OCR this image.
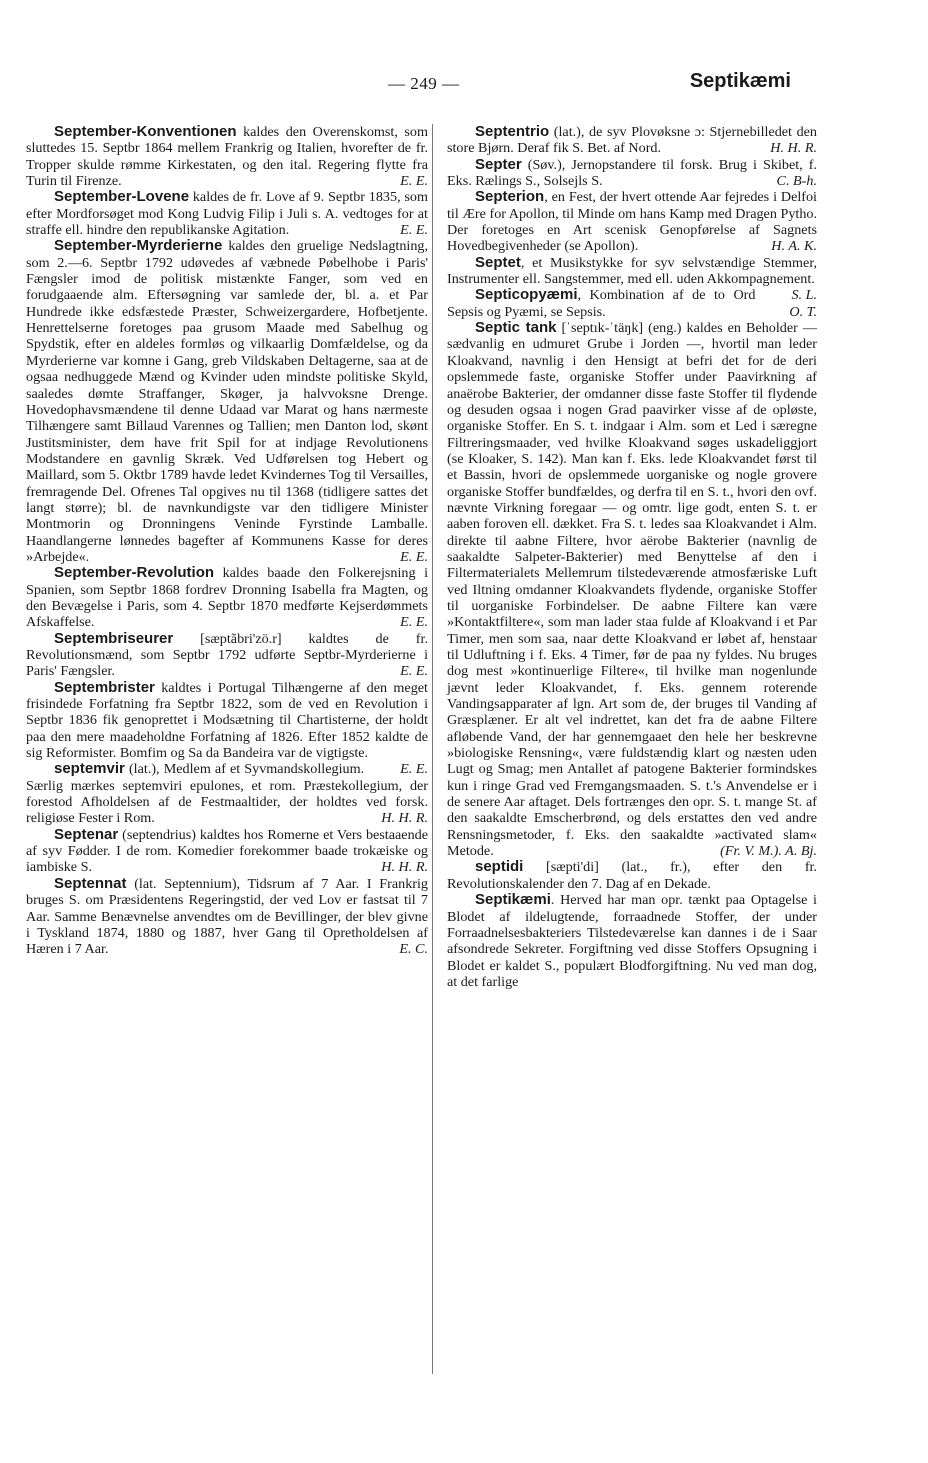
— 249 —	Septikæmi

September-Konventionen kaldes den Overenskomst, som sluttedes 15. Septbr 1864 mellem Frankrig og Italien, hvorefter de fr. Tropper skulde rømme Kirkestaten, og den ital. Regering flytte fra Turin til Firenze.	E. E.

September-Lovene kaldes de fr. Love af 9. Septbr 1835, som efter Mordforsøget mod Kong Ludvig Filip i Juli s. A. vedtoges for at straffe ell. hindre den republikanske Agitation.	E. E.

September-Myrderierne kaldes den gruelige Nedslagtning, som 2.—6. Septbr 1792 udøvedes af væbnede Pøbelhobe i Paris' Fængsler imod de politisk mistænkte Fanger, som ved en forudgaaende alm. Eftersøgning var samlede der, bl. a. et Par Hundrede ikke edsfæstede Præster, Schweizergardere, Hofbetjente. Henrettelserne foretoges paa grusom Maade med Sabelhug og Spydstik, efter en aldeles formløs og vilkaarlig Domfældelse, og da Myrderierne var komne i Gang, greb Vildskaben Deltagerne, saa at de ogsaa nedhuggede Mænd og Kvinder uden mindste politiske Skyld, saaledes dømte Straffanger, Skøger, ja halvvoksne Drenge. Hovedophavsmændene til denne Udaad var Marat og hans nærmeste Tilhængere samt Billaud Varennes og Tallien; men Danton lod, skønt Justitsminister, dem have frit Spil for at indjage Revolutionens Modstandere en gavnlig Skræk. Ved Udførelsen tog Hebert og Maillard, som 5. Oktbr 1789 havde ledet Kvindernes Tog til Versailles, fremragende Del. Ofrenes Tal opgives nu til 1368 (tidligere sattes det langt større); bl. de navnkundigste var den tidligere Minister Montmorin og Dronningens Veninde Fyrstinde Lamballe. Haandlangerne lønnedes bagefter af Kommunens Kasse for deres »Arbejde«.	E. E.

September-Revolution kaldes baade den Folkerejsning i Spanien, som Septbr 1868 fordrev Dronning Isabella fra Magten, og den Bevægelse i Paris, som 4. Septbr 1870 medførte Kejserdømmets Afskaffelse.	E. E.

Septembriseurer [sæptãbri'zö.r] kaldtes de fr. Revolutionsmænd, som Septbr 1792 udførte Septbr-Myrderierne i Paris' Fængsler.	E. E.

Septembrister kaldtes i Portugal Tilhængerne af den meget frisindede Forfatning fra Septbr 1822, som de ved en Revolution i Septbr 1836 fik genoprettet i Modsætning til Chartisterne, der holdt paa den mere maadeholdne Forfatning af 1826. Efter 1852 kaldte de sig Reformister. Bomfim og Sa da Bandeira var de vigtigste.
E. E.

septemvir (lat.), Medlem af et Syvmandskollegium. Særlig mærkes septemviri epulones, et rom. Præstekollegium, der forestod Afholdelsen af de Festmaaltider, der holdtes ved forsk. religiøse Fester i Rom.	H. H. R.

Septenar (septendrius) kaldtes hos Romerne et Vers bestaaende af syv Fødder. I de rom. Komedier forekommer baade trokæiske og iambiske S.	H. H. R.

Septennat (lat. Septennium), Tidsrum af 7 Aar. I Frankrig bruges S. om Præsidentens Regeringstid, der ved Lov er fastsat til 7 Aar. Samme Benævnelse anvendtes om de Bevillinger, der blev givne i Tyskland 1874, 1880 og 1887, hver Gang til Opretholdelsen af Hæren i 7 Aar.	E. C.

Septentrio (lat.), de syv Plovøksne ɔ: Stjernebilledet den store Bjørn. Deraf fik S. Bet. af Nord.	H. H. R.

Septer (Søv.), Jernopstandere til forsk. Brug i Skibet, f. Eks. Rælings S., Solsejls S.	C. B-h.

Septerion, en Fest, der hvert ottende Aar fejredes i Delfoi til Ære for Apollon, til Minde om hans Kamp med Dragen Pytho. Der foretoges en Art scenisk Genopførelse af Sagnets Hovedbegivenheder (se Apollon).	H. A. K.

Septet, et Musikstykke for syv selvstændige Stemmer, Instrumenter ell. Sangstemmer, med ell. uden Akkompagnement.
S. L.

Septicopyæmi, Kombination af de to Ord Sepsis og Pyæmi, se Sepsis.	O. T.

Septic tank [ˈseptık-ˈtäŋk] (eng.) kaldes en Beholder — sædvanlig en udmuret Grube i Jorden —, hvortil man leder Kloakvand, navnlig i den Hensigt at befri det for de deri opslemmede faste, organiske Stoffer under Paavirkning af anaërobe Bakterier, der omdanner disse faste Stoffer til flydende og desuden ogsaa i nogen Grad paavirker visse af de opløste, organiske Stoffer. En S. t. indgaar i Alm. som et Led i særegne Filtreringsmaader, ved hvilke Kloakvand søges uskadeliggjort (se Kloaker, S. 142). Man kan f. Eks. lede Kloakvandet først til et Bassin, hvori de opslemmede uorganiske og nogle grovere organiske Stoffer bundfældes, og derfra til en S. t., hvori den ovf. nævnte Virkning foregaar — og omtr. lige godt, enten S. t. er aaben foroven ell. dækket. Fra S. t. ledes saa Kloakvandet i Alm. direkte til aabne Filtere, hvor aërobe Bakterier (navnlig de saakaldte Salpeter-Bakterier) med Benyttelse af den i Filtermaterialets Mellemrum tilstedeværende atmosfæriske Luft ved Iltning omdanner Kloakvandets flydende, organiske Stoffer til uorganiske Forbindelser. De aabne Filtere kan være »Kontaktfiltere«, som man lader staa fulde af Kloakvand i et Par Timer, men som saa, naar dette Kloakvand er løbet af, henstaar til Udluftning i f. Eks. 4 Timer, før de paa ny fyldes. Nu bruges dog mest »kontinuerlige Filtere«, til hvilke man nogenlunde jævnt leder Kloakvandet, f. Eks. gennem roterende Vandingsapparater af lgn. Art som de, der bruges til Vanding af Græsplæner. Er alt vel indrettet, kan det fra de aabne Filtere afløbende Vand, der har gennemgaaet den hele her beskrevne »biologiske Rensning«, være fuldstændig klart og næsten uden Lugt og Smag; men Antallet af patogene Bakterier formindskes kun i ringe Grad ved Fremgangsmaaden. S. t.'s Anvendelse er i de senere Aar aftaget. Dels fortrænges den opr. S. t. mange St. af den saakaldte Emscherbrønd, og dels erstattes den ved andre Rensningsmetoder, f. Eks. den saakaldte »activated slam« Metode.	(Fr. V. M.). A. Bj.

septidi [sæpti'di] (lat., fr.), efter den fr. Revolutionskalender den 7. Dag af en Dekade.

Septikæmi. Herved har man opr. tænkt paa Optagelse i Blodet af ildelugtende, forraadnede Stoffer, der under Forraadnelsesbakteriers Tilstedeværelse kan dannes i de i Saar afsondrede Sekreter. Forgiftning ved disse Stoffers Opsugning i Blodet er kaldet S., populært Blodforgiftning. Nu ved man dog, at det farlige
